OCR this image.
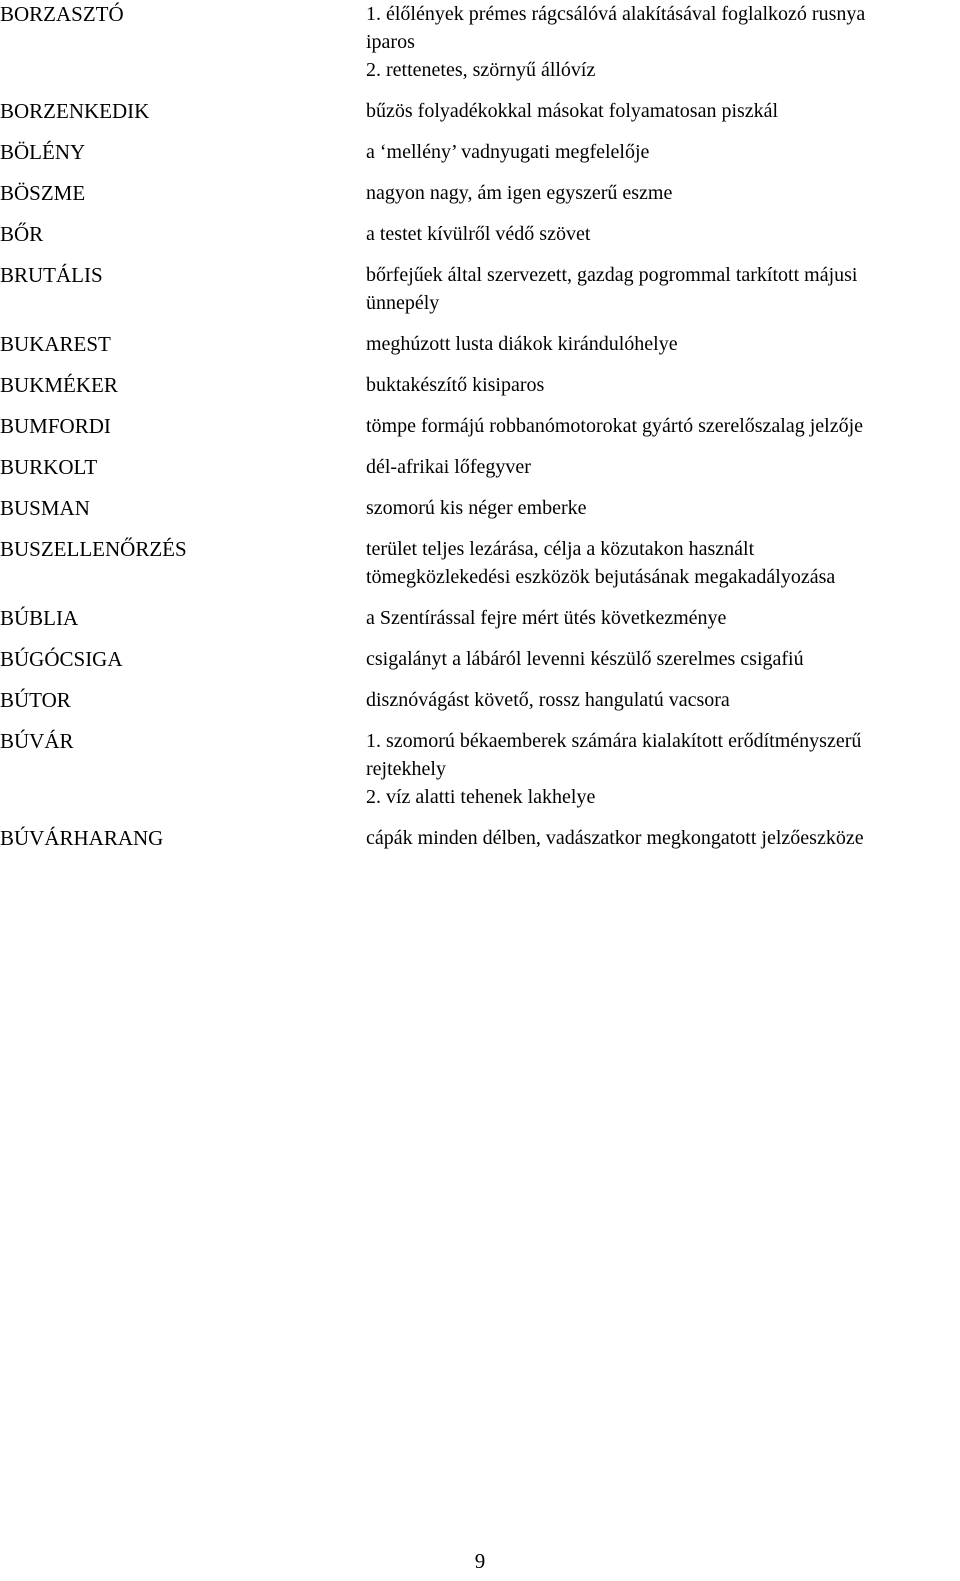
BORZASZTÓ	1. élőlények prémes rágcsálóvá alakításával foglalkozó rusnya
iparos
2. rettenetes, szörnyű állóvíz
BORZENKEDIK	bűzös folyadékokkal másokat folyamatosan piszkál
BÖLÉNY	a ‘mellény’ vadnyugati megfelelője
BÖSZME	nagyon nagy, ám igen egyszerű eszme
BŐR	a testet kívülről védő szövet
BRUTÁLIS	bőrfejűek által szervezett, gazdag pogrommal tarkított májusi
ünnepély
BUKAREST	meghúzott lusta diákok kirándulóhelye
BUKMÉKER	buktakészítő kisiparos
BUMFORDI	tömpe formájú robbanómotorokat gyártó szerelőszalag jelzője
BURKOLT	dél-afrikai lőfegyver
BUSMAN	szomorú kis néger emberke
BUSZELLENŐRZÉS	terület teljes lezárása, célja a közutakon használt
tömegközlekedési eszközök bejutásának megakadályozása
BÚBLIA	a Szentírással fejre mért ütés következménye
BÚGÓCSIGA	csigalányt a lábáról levenni készülő szerelmes csigafiú
BÚTOR	disznóvágást követő, rossz hangulatú vacsora
BÚVÁR	1. szomorú békaemberek számára kialakított erődítményszerű
rejtekhely
2. víz alatti tehenek lakhelye
BÚVÁRHARANG	cápák minden délben, vadászatkor megkongatott jelzőeszköze
9
